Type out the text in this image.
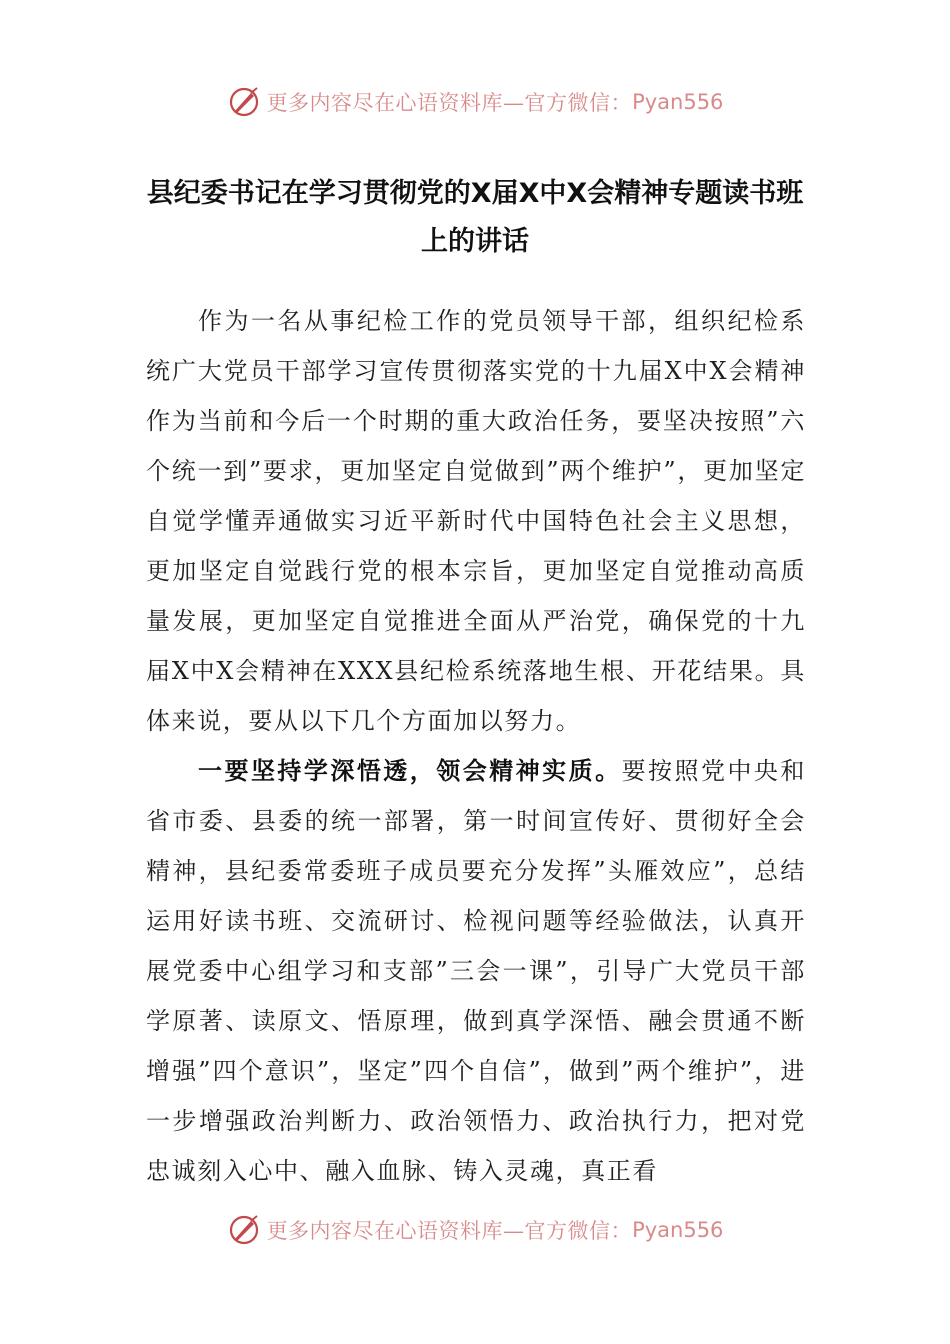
更多内容尽在心语资料库—官方微信： Pyan556
县纪委书记在学习贯彻党的X届X中X会精神专题读书班
上的讲话

作为一名从事纪检工作的党员领导干部，组织纪检系统广大党员干部学习宣传贯彻落实党的十九届X中X会精神作为当前和今后一个时期的重大政治任务，要坚决按照”六个统一到”要求，更加坚定自觉做到”两个维护”，更加坚定自觉学懂弄通做实习近平新时代中国特色社会主义思想，更加坚定自觉践行党的根本宗旨，更加坚定自觉推动高质量发展，更加坚定自觉推进全面从严治党，确保党的十九届X中X会精神在XXX县纪检系统落地生根、开花结果。具体来说，要从以下几个方面加以努力。

一要坚持学深悟透，领会精神实质。要按照党中央和省市委、县委的统一部署，第一时间宣传好、贯彻好全会精神，县纪委常委班子成员要充分发挥”头雁效应”，总结运用好读书班、交流研讨、检视问题等经验做法，认真开展党委中心组学习和支部”三会一课”，引导广大党员干部学原著、读原文、悟原理，做到真学深悟、融会贯通不断增强”四个意识”，坚定”四个自信”，做到”两个维护”，进一步增强政治判断力、政治领悟力、政治执行力，把对党忠诚刻入心中、融入血脉、铸入灵魂，真正看

更多内容尽在心语资料库—官方微信： Pyan556
